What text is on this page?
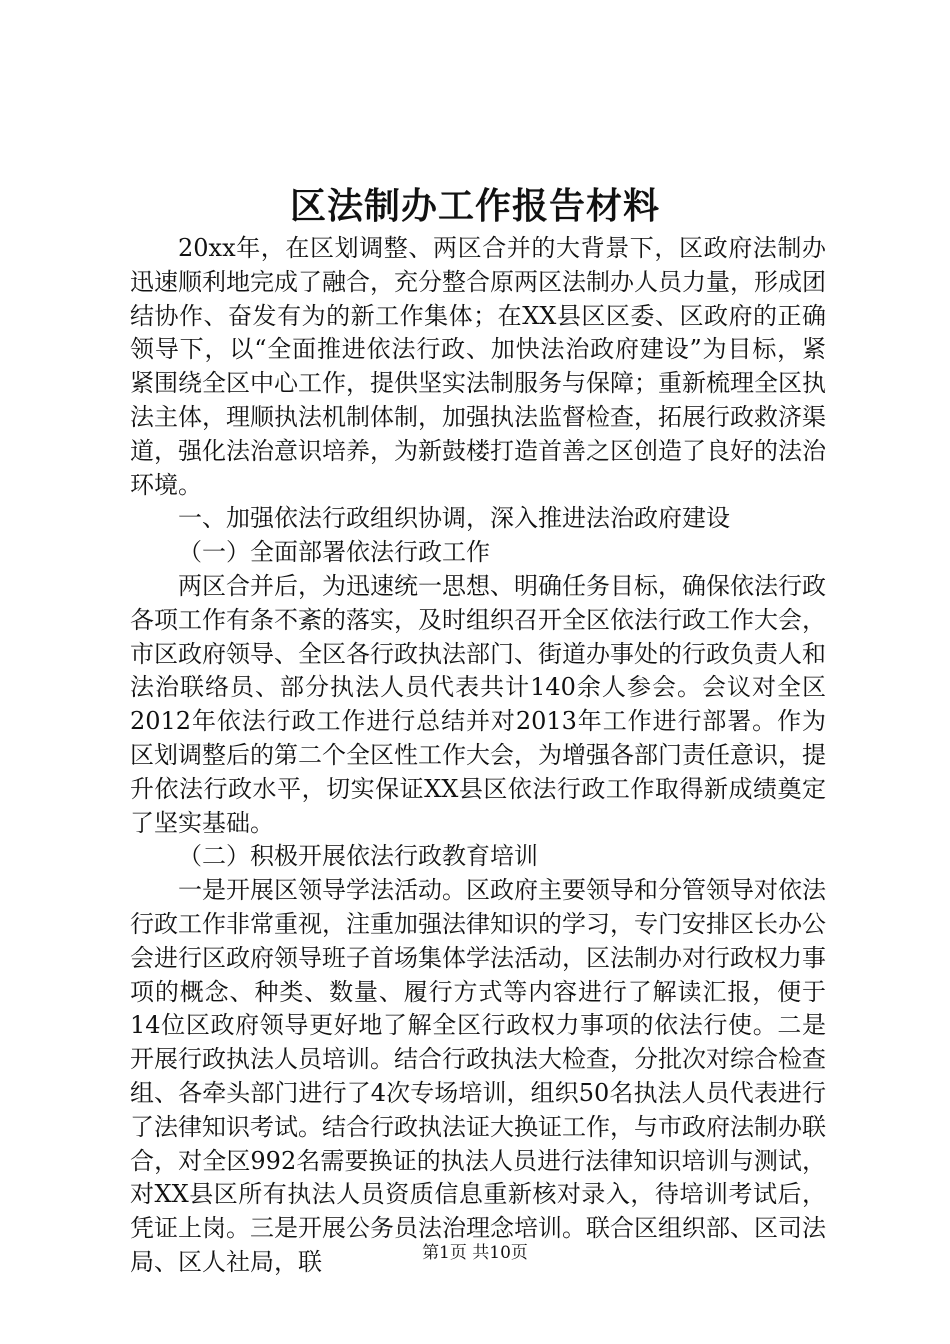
区法制办工作报告材料

20xx年，在区划调整、两区合并的大背景下，区政府法制办迅速顺利地完成了融合，充分整合原两区法制办人员力量，形成团结协作、奋发有为的新工作集体；在XX县区区委、区政府的正确领导下，以“全面推进依法行政、加快法治政府建设”为目标，紧紧围绕全区中心工作，提供坚实法制服务与保障；重新梳理全区执法主体，理顺执法机制体制，加强执法监督检查，拓展行政救济渠道，强化法治意识培养，为新鼓楼打造首善之区创造了良好的法治环境。

一、加强依法行政组织协调，深入推进法治政府建设

（一）全面部署依法行政工作

两区合并后，为迅速统一思想、明确任务目标，确保依法行政各项工作有条不紊的落实，及时组织召开全区依法行政工作大会，市区政府领导、全区各行政执法部门、街道办事处的行政负责人和法治联络员、部分执法人员代表共计140余人参会。会议对全区2012年依法行政工作进行总结并对2013年工作进行部署。作为区划调整后的第二个全区性工作大会，为增强各部门责任意识，提升依法行政水平，切实保证XX县区依法行政工作取得新成绩奠定了坚实基础。

（二）积极开展依法行政教育培训

一是开展区领导学法活动。区政府主要领导和分管领导对依法行政工作非常重视，注重加强法律知识的学习，专门安排区长办公会进行区政府领导班子首场集体学法活动，区法制办对行政权力事项的概念、种类、数量、履行方式等内容进行了解读汇报，便于14位区政府领导更好地了解全区行政权力事项的依法行使。二是开展行政执法人员培训。结合行政执法大检查，分批次对综合检查组、各牵头部门进行了4次专场培训，组织50名执法人员代表进行了法律知识考试。结合行政执法证大换证工作，与市政府法制办联合，对全区992名需要换证的执法人员进行法律知识培训与测试，对XX县区所有执法人员资质信息重新核对录入，待培训考试后，凭证上岗。三是开展公务员法治理念培训。联合区组织部、区司法局、区人社局，联	第1页 共10页
